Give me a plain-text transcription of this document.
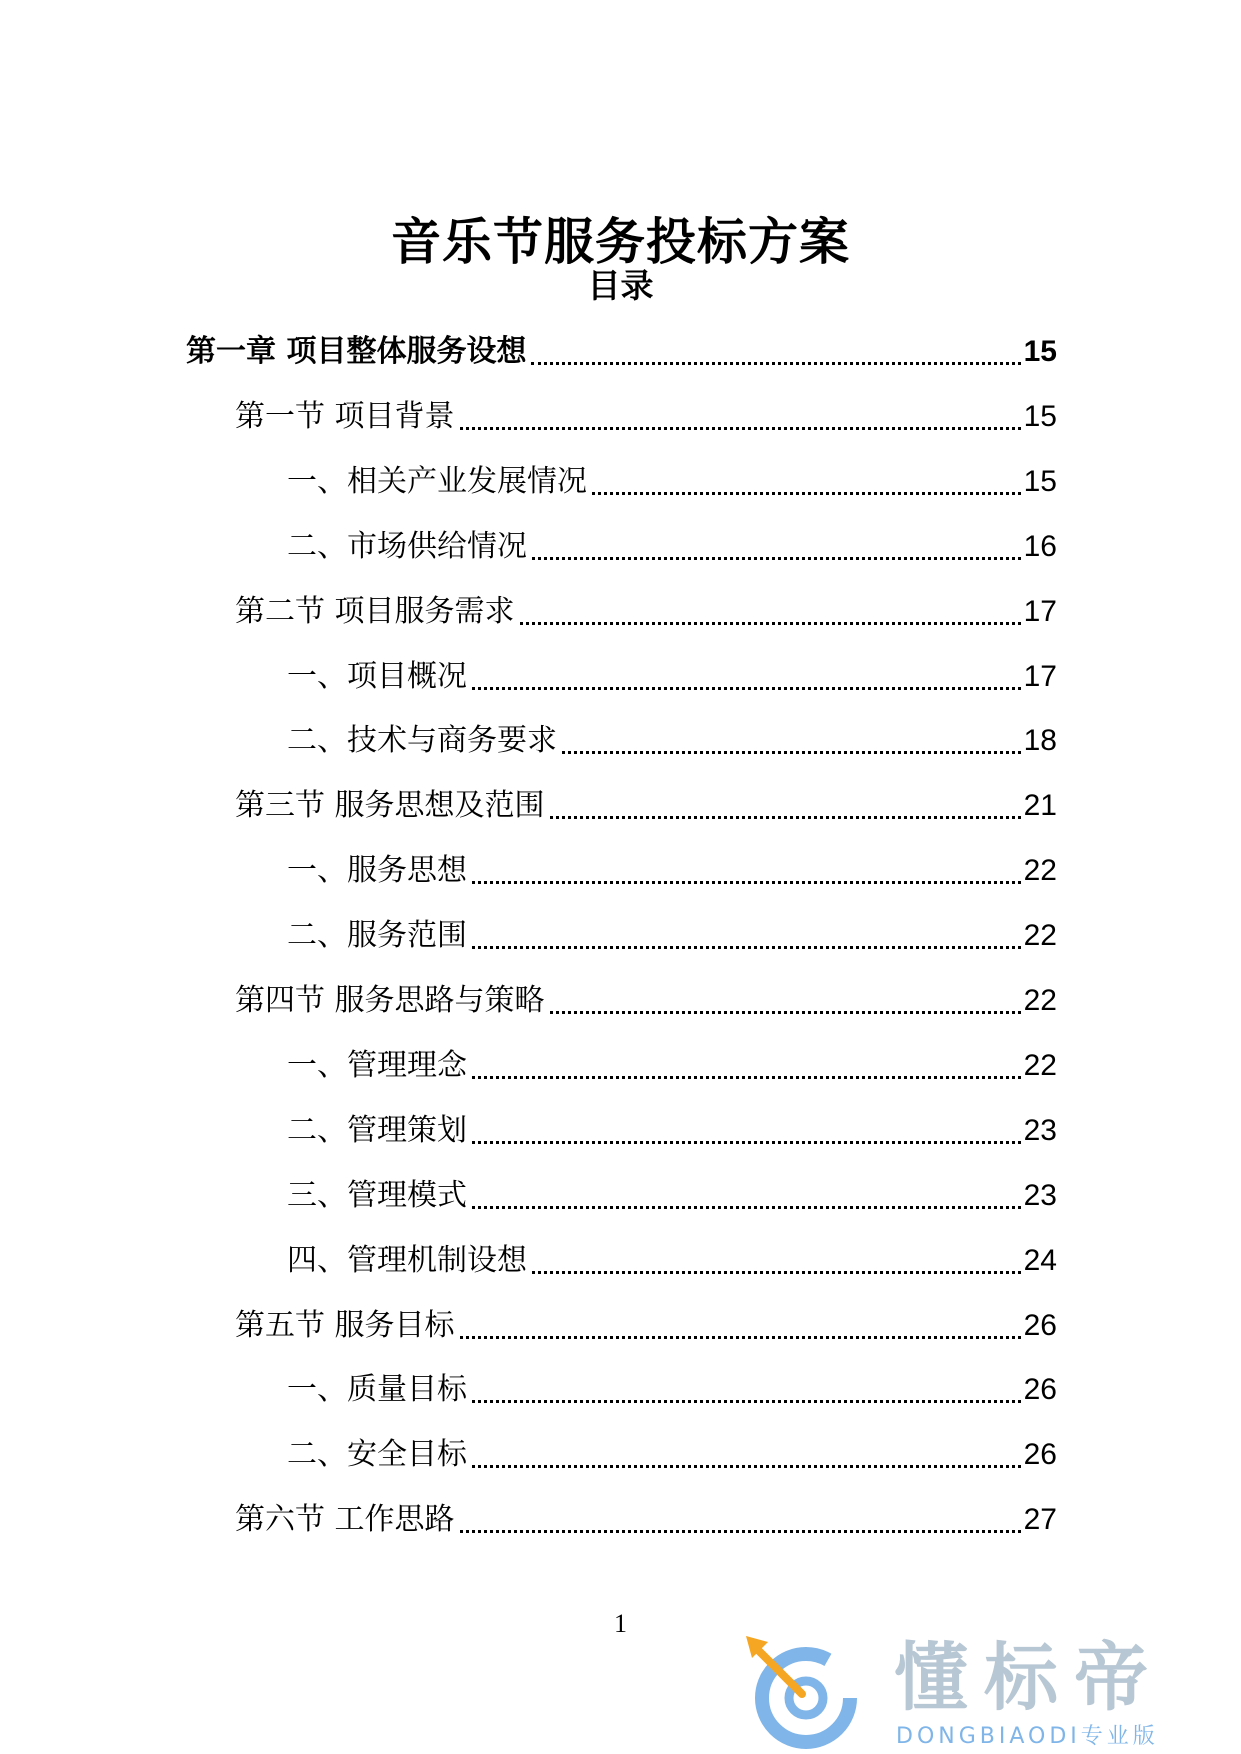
音乐节服务投标方案
目录
第一章 项目整体服务设想	15
第一节 项目背景	15
一、相关产业发展情况	15
二、市场供给情况	16
第二节 项目服务需求	17
一、项目概况	17
二、技术与商务要求	18
第三节 服务思想及范围	21
一、服务思想	22
二、服务范围	22
第四节 服务思路与策略	22
一、管理理念	22
二、管理策划	23
三、管理模式	23
四、管理机制设想	24
第五节 服务目标	26
一、质量目标	26
二、安全目标	26
第六节 工作思路	27
1
懂标帝
DONGBIAODI专业版
